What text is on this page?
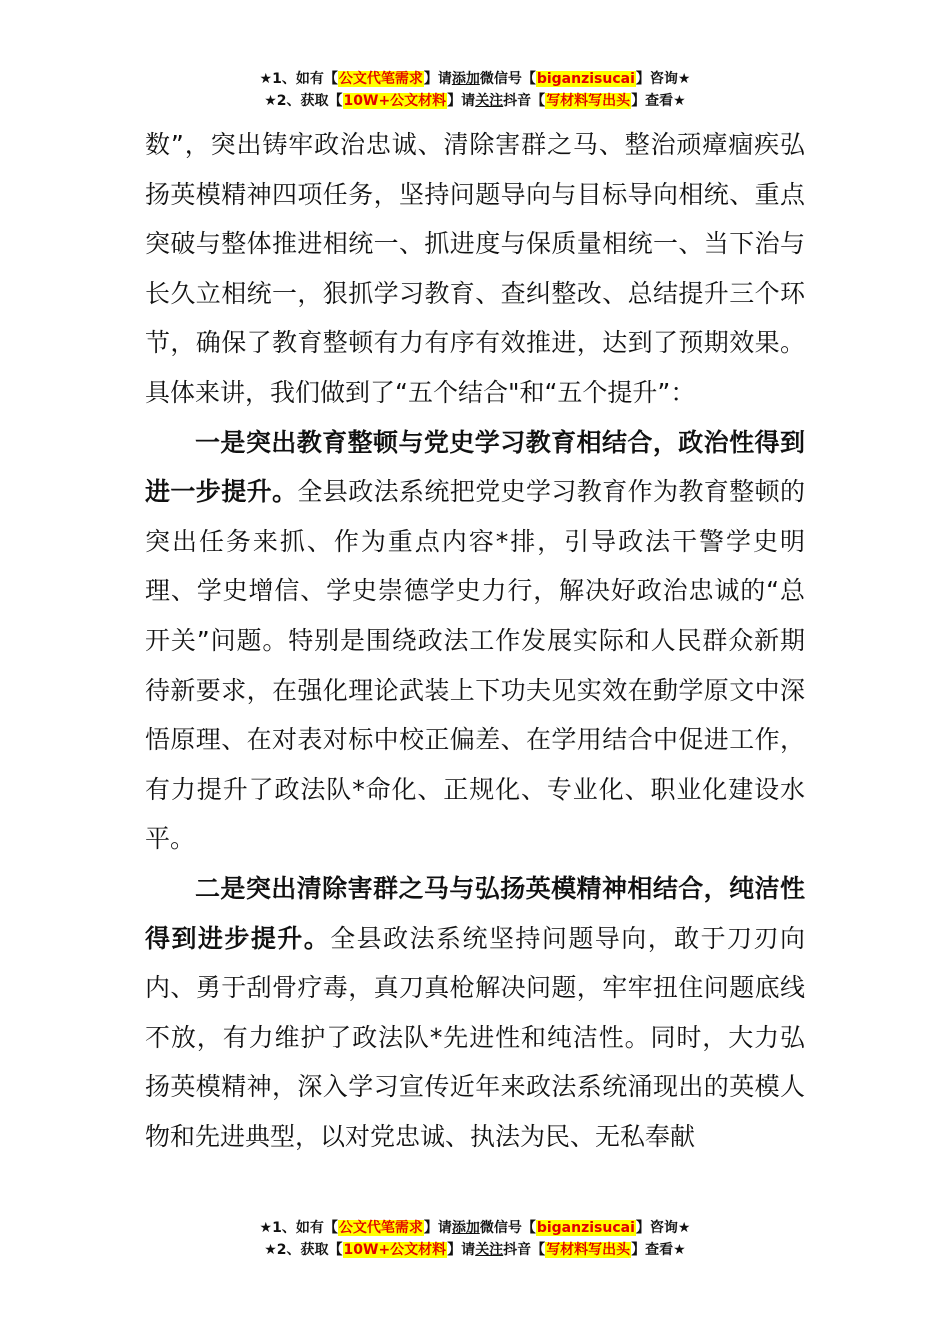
★1、如有【公文代笔需求】请添加微信号【biganzisucai】咨询★
★2、获取【10W+公文材料】请关注抖音【写材料写出头】查看★

数”，突出铸牢政治忠诚、清除害群之马、整治顽瘴痼疾弘扬英模精神四项任务，坚持问题导向与目标导向相统、重点突破与整体推进相统一、抓进度与保质量相统一、当下治与长久立相统一，狠抓学习教育、查纠整改、总结提升三个环节，确保了教育整顿有力有序有效推进，达到了预期效果。具体来讲，我们做到了“五个结合"和“五个提升”：

一是突出教育整顿与党史学习教育相结合，政治性得到进一步提升。全县政法系统把党史学习教育作为教育整顿的突出任务来抓、作为重点内容*排，引导政法干警学史明理、学史增信、学史崇德学史力行，解决好政治忠诚的“总开关”问题。特别是围绕政法工作发展实际和人民群众新期待新要求，在强化理论武装上下功夫见实效在動学原文中深悟原理、在对表对标中校正偏差、在学用结合中促进工作，有力提升了政法队*命化、正规化、专业化、职业化建设水平。

二是突出清除害群之马与弘扬英模精神相结合，纯洁性得到进步提升。全县政法系统坚持问题导向，敢于刀刃向内、勇于刮骨疗毒，真刀真枪解决问题，牢牢扭住问题底线不放，有力维护了政法队*先进性和纯洁性。同时，大力弘扬英模精神，深入学习宣传近年来政法系统涌现出的英模人物和先进典型，以对党忠诚、执法为民、无私奉献

★1、如有【公文代笔需求】请添加微信号【biganzisucai】咨询★
★2、获取【10W+公文材料】请关注抖音【写材料写出头】查看★
